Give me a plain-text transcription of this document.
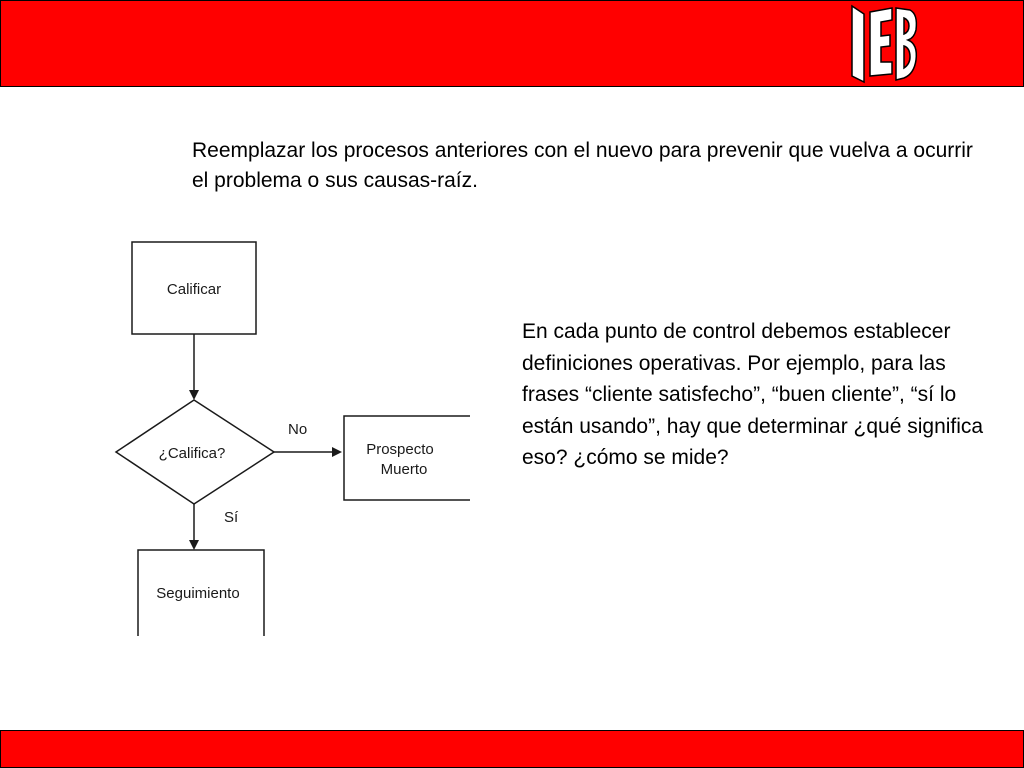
Reemplazar los procesos anteriores con el nuevo para prevenir que vuelva a ocurrir el problema o sus causas-raíz.

Calificar
¿Califica?
No
Prospecto
Muerto
Sí
Seguimiento

En cada punto de control debemos establecer definiciones operativas. Por ejemplo, para las frases “cliente satisfecho”, “buen cliente”, “sí lo están usando”, hay que determinar ¿qué significa eso? ¿cómo se mide?
